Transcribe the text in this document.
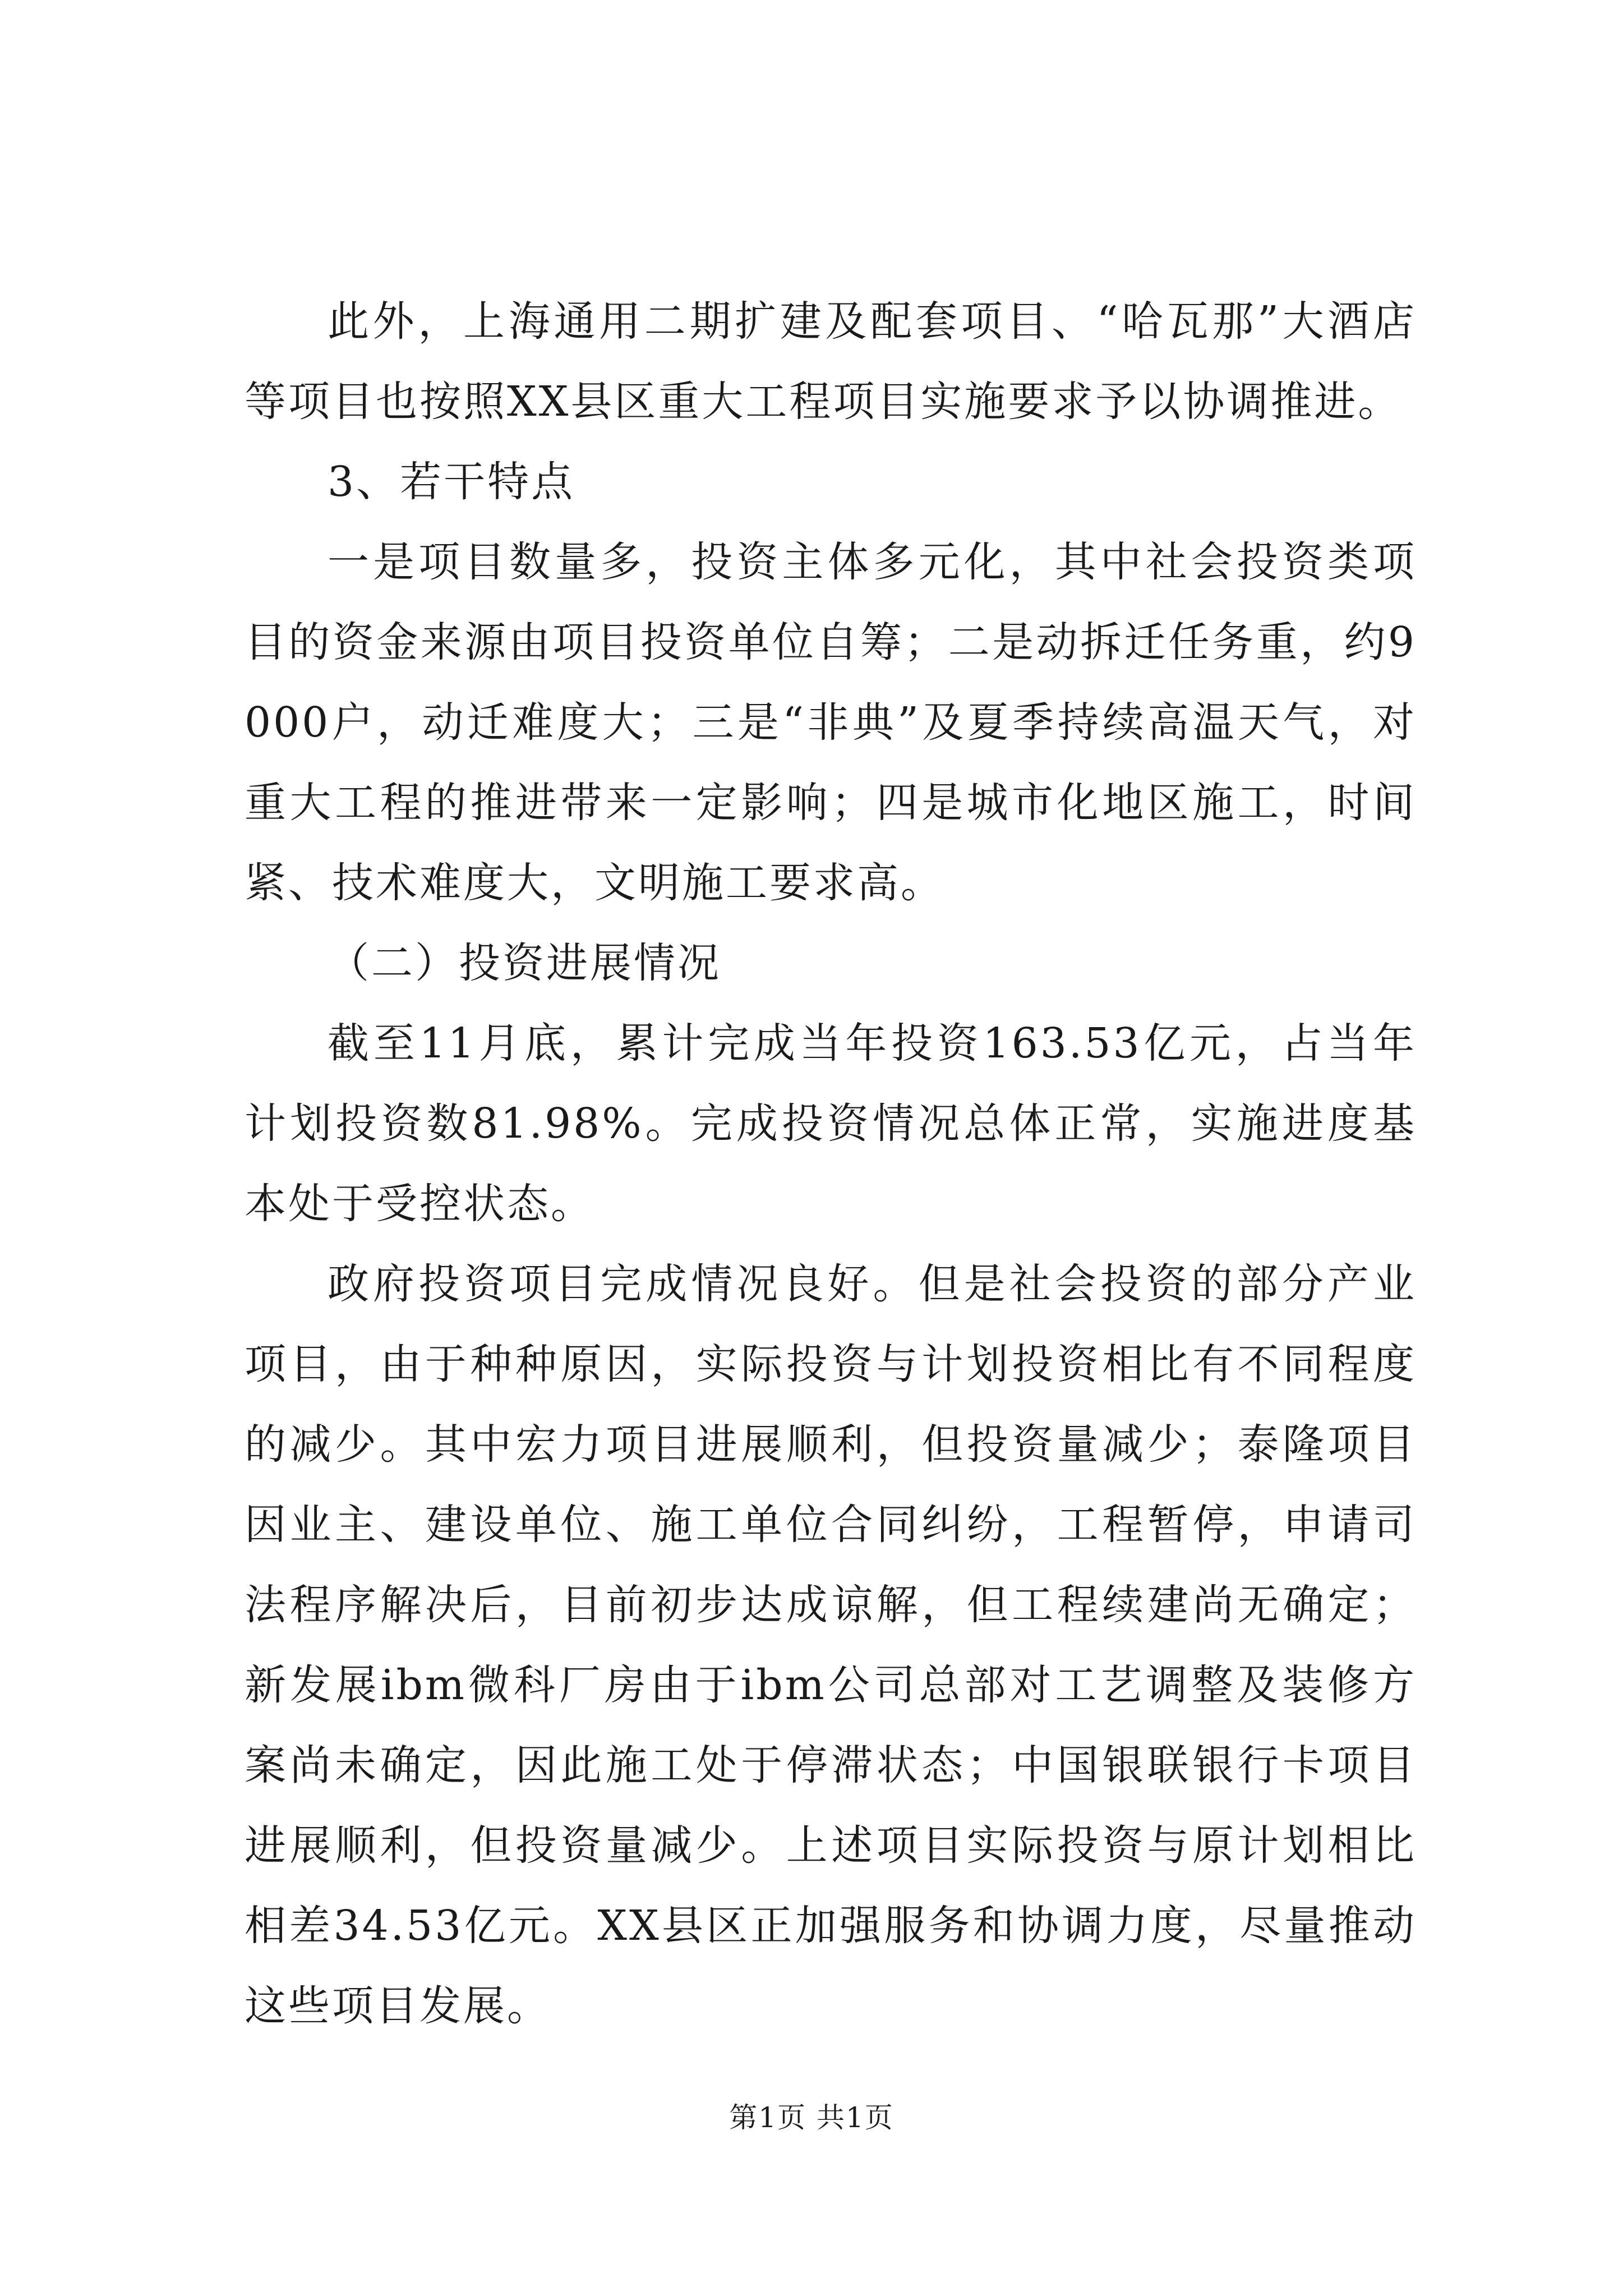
此外，上海通用二期扩建及配套项目、“哈瓦那”大酒店等项目也按照XX县区重大工程项目实施要求予以协调推进。

3、若干特点

一是项目数量多，投资主体多元化，其中社会投资类项目的资金来源由项目投资单位自筹；二是动拆迁任务重，约9000户，动迁难度大；三是“非典”及夏季持续高温天气，对重大工程的推进带来一定影响；四是城市化地区施工，时间紧、技术难度大，文明施工要求高。

（二）投资进展情况

截至11月底，累计完成当年投资163.53亿元，占当年计划投资数81.98%。完成投资情况总体正常，实施进度基本处于受控状态。

政府投资项目完成情况良好。但是社会投资的部分产业项目，由于种种原因，实际投资与计划投资相比有不同程度的减少。其中宏力项目进展顺利，但投资量减少；泰隆项目因业主、建设单位、施工单位合同纠纷，工程暂停，申请司法程序解决后，目前初步达成谅解，但工程续建尚无确定；新发展ibm微科厂房由于ibm公司总部对工艺调整及装修方案尚未确定，因此施工处于停滞状态；中国银联银行卡项目进展顺利，但投资量减少。上述项目实际投资与原计划相比相差34.53亿元。XX县区正加强服务和协调力度，尽量推动这些项目发展。

第1页 共1页
